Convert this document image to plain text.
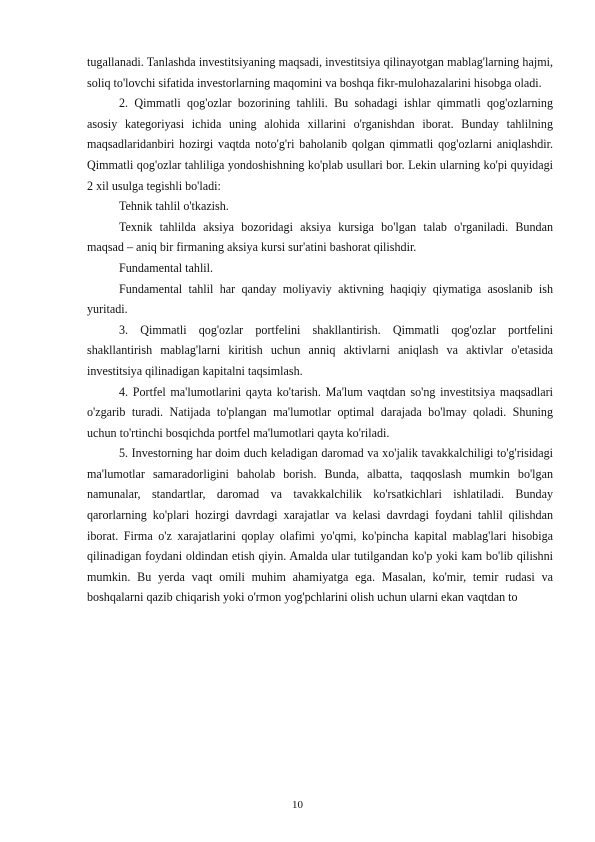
tugallanadi. Tanlashda investitsiyaning maqsadi, investitsiya qilinayotgan mablag'larning hajmi, soliq to'lovchi sifatida investorlarning maqomini va boshqa fikr-mulohazalarini hisobga oladi.

2. Qimmatli qog'ozlar bozorining tahlili. Bu sohadagi ishlar qimmatli qog'ozlarning asosiy kategoriyasi ichida uning alohida xillarini o'rganishdan iborat. Bunday tahlilning maqsadlaridanbiri hozirgi vaqtda noto'g'ri baholanib qolgan qimmatli qog'ozlarni aniqlashdir. Qimmatli qog'ozlar tahliliga yondoshishning ko'plab usullari bor. Lekin ularning ko'pi quyidagi 2 xil usulga tegishli bo'ladi:

Tehnik tahlil o'tkazish.

Texnik tahlilda aksiya bozoridagi aksiya kursiga bo'lgan talab o'rganiladi. Bundan maqsad – aniq bir firmaning aksiya kursi sur'atini bashorat qilishdir.

Fundamental tahlil.

Fundamental tahlil har qanday moliyaviy aktivning haqiqiy qiymatiga asoslanib ish yuritadi.

3. Qimmatli qog'ozlar portfelini shakllantirish. Qimmatli qog'ozlar portfelini shakllantirish mablag'larni kiritish uchun anniq aktivlarni aniqlash va aktivlar o'etasida investitsiya qilinadigan kapitalni taqsimlash.

4. Portfel ma'lumotlarini qayta ko'tarish. Ma'lum vaqtdan so'ng investitsiya maqsadlari o'zgarib turadi. Natijada to'plangan ma'lumotlar optimal darajada bo'lmay qoladi. Shuning uchun to'rtinchi bosqichda portfel ma'lumotlari qayta ko'riladi.

5. Investorning har doim duch keladigan daromad va xo'jalik tavakkalchiligi to'g'risidagi ma'lumotlar samaradorligini baholab borish. Bunda, albatta, taqqoslash mumkin bo'lgan namunalar, standartlar, daromad va tavakkalchilik ko'rsatkichlari ishlatiladi. Bunday qarorlarning ko'plari hozirgi davrdagi xarajatlar va kelasi davrdagi foydani tahlil qilishdan iborat. Firma o'z xarajatlarini qoplay olafimi yo'qmi, ko'pincha kapital mablag'lari hisobiga qilinadigan foydani oldindan etish qiyin. Amalda ular tutilgandan ko'p yoki kam bo'lib qilishni mumkin. Bu yerda vaqt omili muhim ahamiyatga ega. Masalan, ko'mir, temir rudasi va boshqalarni qazib chiqarish yoki o'rmon yog'pchlarini olish uchun ularni ekan vaqtdan to

10
